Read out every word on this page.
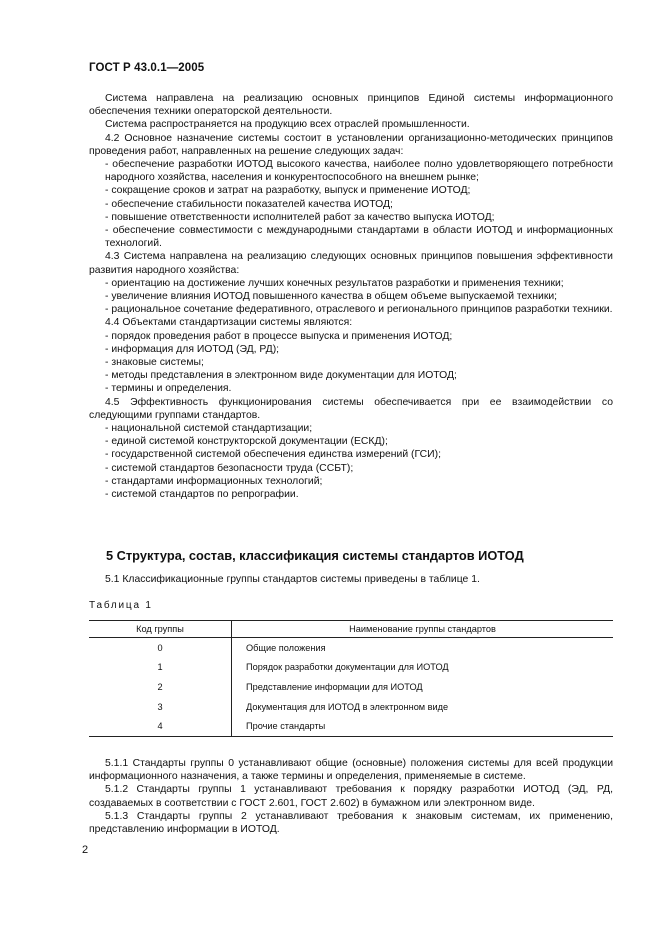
ГОСТ Р 43.0.1—2005

Система направлена на реализацию основных принципов Единой системы информационного обеспечения техники операторской деятельности.

Система распространяется на продукцию всех отраслей промышленности.

4.2 Основное назначение системы состоит в установлении организационно-методических принципов проведения работ, направленных на решение следующих задач:

- обеспечение разработки ИОТОД высокого качества, наиболее полно удовлетворяющего потребности народного хозяйства, населения и конкурентоспособного на внешнем рынке;

- сокращение сроков и затрат на разработку, выпуск и применение ИОТОД;

- обеспечение стабильности показателей качества ИОТОД;

- повышение ответственности исполнителей работ за качество выпуска ИОТОД;

- обеспечение совместимости с международными стандартами в области ИОТОД и информационных технологий.

4.3 Система направлена на реализацию следующих основных принципов повышения эффективности развития народного хозяйства:

- ориентацию на достижение лучших конечных результатов разработки и применения техники;

- увеличение влияния ИОТОД повышенного качества в общем объеме выпускаемой техники;

- рациональное сочетание федеративного, отраслевого и регионального принципов разработки техники.

4.4 Объектами стандартизации системы являются:

- порядок проведения работ в процессе выпуска и применения ИОТОД;

- информация для ИОТОД (ЭД, РД);

- знаковые системы;

- методы представления в электронном виде документации для ИОТОД;

- термины и определения.

4.5 Эффективность функционирования системы обеспечивается при ее взаимодействии со следующими группами стандартов.

- национальной системой стандартизации;

- единой системой конструкторской документации (ЕСКД);

- государственной системой обеспечения единства измерений (ГСИ);

- системой стандартов безопасности труда (ССБТ);

- стандартами информационных технологий;

- системой стандартов по репрографии.

5 Структура, состав, классификация системы стандартов ИОТОД

5.1 Классификационные группы стандартов системы приведены в таблице 1.

Таблица 1
Код группы	Наименование группы стандартов
0	Общие положения
1	Порядок разработки документации для ИОТОД
2	Представление информации для ИОТОД
3	Документация для ИОТОД в электронном виде
4	Прочие стандарты

5.1.1 Стандарты группы 0 устанавливают общие (основные) положения системы для всей продукции информационного назначения, а также термины и определения, применяемые в системе.

5.1.2 Стандарты группы 1 устанавливают требования к порядку разработки ИОТОД (ЭД, РД, создаваемых в соответствии с ГОСТ 2.601, ГОСТ 2.602) в бумажном или электронном виде.

5.1.3 Стандарты группы 2 устанавливают требования к знаковым системам, их применению, представлению информации в ИОТОД.

2
